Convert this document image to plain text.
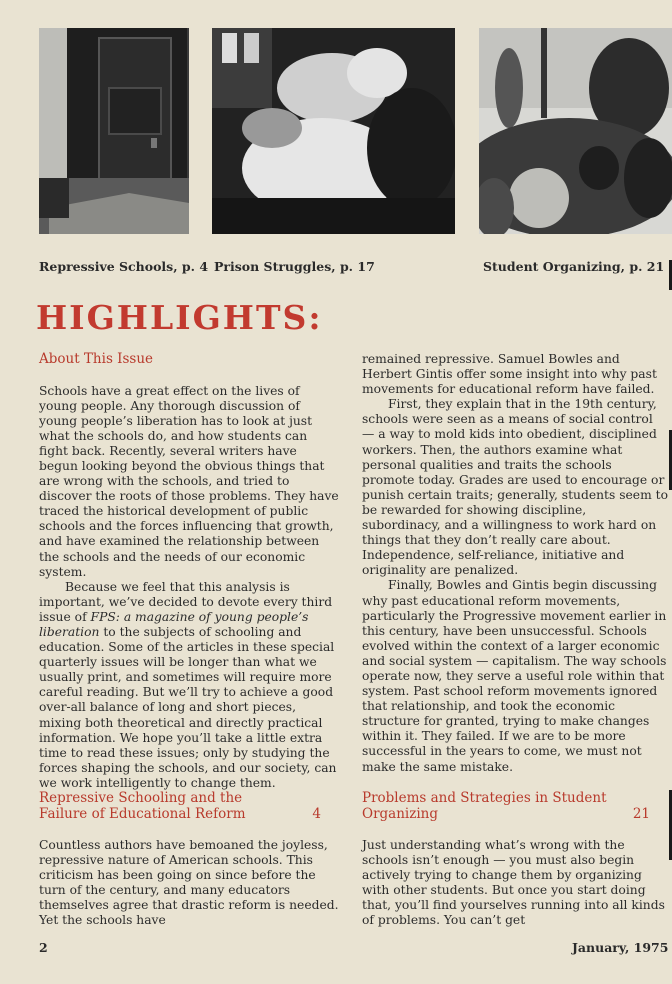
Repressive Schools, p. 4 Prison Struggles, p. 17	Student Organizing, p. 21
HIGHLIGHTS:
About This Issue

Schools have a great effect on the lives of young people. Any thorough discussion of young people’s liberation has to look at just what the schools do, and how students can fight back. Recently, several writers have begun looking beyond the obvious things that are wrong with the schools, and tried to discover the roots of those problems. They have traced the historical development of public schools and the forces influencing that growth, and have examined the relationship between the schools and the needs of our economic system.

Because we feel that this analysis is important, we’ve decided to devote every third issue of FPS: a magazine of young people’s liberation to the subjects of schooling and education. Some of the articles in these special quarterly issues will be longer than what we usually print, and sometimes will require more careful reading. But we’ll try to achieve a good over-all balance of long and short pieces, mixing both theoretical and directly practical information. We hope you’ll take a little extra time to read these issues; only by studying the forces shaping the schools, and our society, can we work intelligently to change them.

remained repressive. Samuel Bowles and Herbert Gintis offer some insight into why past movements for educational reform have failed.

First, they explain that in the 19th century, schools were seen as a means of social control — a way to mold kids into obedient, disciplined workers. Then, the authors examine what personal qualities and traits the schools promote today. Grades are used to encourage or punish certain traits; generally, students seem to be rewarded for showing discipline, subordinacy, and a willingness to work hard on things that they don’t really care about. Independence, self-reliance, initiative and originality are penalized.

Finally, Bowles and Gintis begin discussing why past educational reform movements, particularly the Progressive movement earlier in this century, have been unsuccessful. Schools evolved within the context of a larger economic and social system — capitalism. The way schools operate now, they serve a useful role within that system. Past school reform movements ignored that relationship, and took the economic structure for granted, trying to make changes within it. They failed. If we are to be more successful in the years to come, we must not make the same mistake.

Repressive Schooling and the
Failure of Educational Reform	4

Countless authors have bemoaned the joyless, repressive nature of American schools. This criticism has been going on since before the turn of the century, and many educators themselves agree that drastic reform is needed. Yet the schools have

Problems and Strategies in Student
Organizing	21

Just understanding what’s wrong with the schools isn’t enough — you must also begin actively trying to change them by organizing with other students. But once you start doing that, you’ll find yourselves running into all kinds of problems. You can’t get

2	January, 1975
